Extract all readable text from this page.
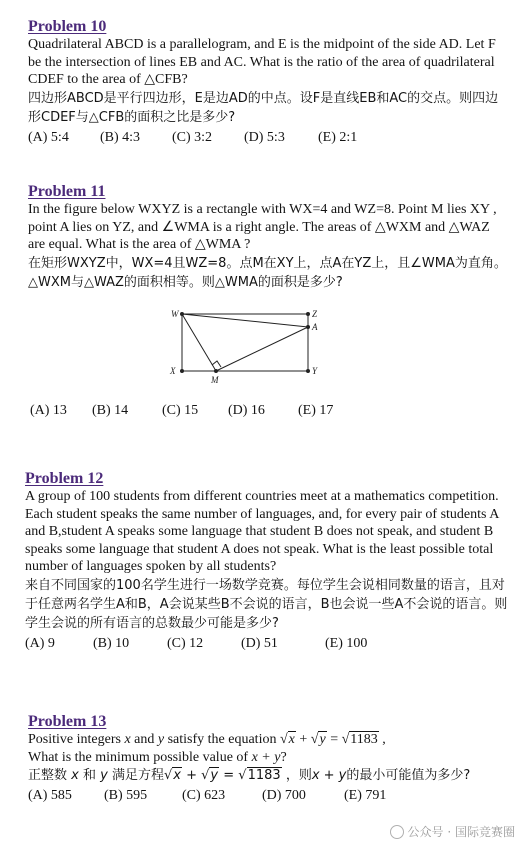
Problem 10

Quadrilateral ABCD is a parallelogram, and E is the midpoint of the side AD. Let F be the intersection of lines EB and AC. What is the ratio of the area of quadrilateral CDEF to the area of △CFB?

四边形ABCD是平行四边形，E是边AD的中点。设F是直线EB和AC的交点。则四边形CDEF与△CFB的面积之比是多少?

(A) 5:4	(B) 4:3	(C) 3:2	(D) 5:3	(E) 2:1

Problem 11

In the figure below WXYZ is a rectangle with WX=4 and WZ=8. Point M lies XY , point A lies on YZ, and ∠WMA is a right angle. The areas of △WXM and △WAZ are equal. What is the area of △WMA ?

在矩形WXYZ中，WX=4且WZ=8。点M在XY上，点A在YZ上，且∠WMA为直角。△WXM与△WAZ的面积相等。则△WMA的面积是多少?

W	Z
A
X	Y
M
(A) 13	(B) 14	(C) 15	(D) 16	(E) 17

Problem 12

A group of 100 students from different countries meet at a mathematics competition. Each student speaks the same number of languages, and, for every pair of students A and B,student A speaks some language that student B does not speak, and student B speaks some language that student A does not speak. What is the least possible total number of languages spoken by all students?

来自不同国家的100名学生进行一场数学竞赛。每位学生会说相同数量的语言，且对于任意两名学生A和B，A会说某些B不会说的语言，B也会说一些A不会说的语言。则学生会说的所有语言的总数最少可能是多少?

(A) 9	(B) 10	(C) 12	(D) 51	(E) 100

Problem 13

Positive integers x and y satisfy the equation √x + √y = √1183 ,

What is the minimum possible value of x + y?

正整数 x 和 y 满足方程√x + √y = √1183 ，则x + y的最小可能值为多少?

(A) 585	(B) 595	(C) 623	(D) 700	(E) 791
公众号 · 国际竞赛圈
